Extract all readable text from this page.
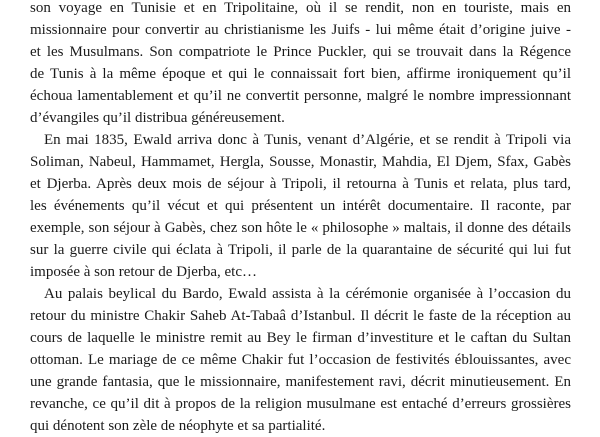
son voyage en Tunisie et en Tripolitaine, où il se rendit, non en touriste, mais en
missionnaire pour convertir au christianisme les Juifs - lui même était d’origine juive -
et les Musulmans. Son compatriote le Prince Puckler, qui se trouvait dans la Régence
de Tunis à la même époque et qui le connaissait fort bien, affirme ironiquement qu’il
échoua lamentablement et qu’il ne convertit personne, malgré le nombre impressionnant
d’évangiles qu’il distribua généreusement.

En mai 1835, Ewald arriva donc à Tunis, venant d’Algérie, et se rendit à Tripoli via
Soliman, Nabeul, Hammamet, Hergla, Sousse, Monastir, Mahdia, El Djem, Sfax, Gabès
et Djerba. Après deux mois de séjour à Tripoli, il retourna à Tunis et relata, plus tard,
les événements qu’il vécut et qui présentent un intérêt documentaire. Il raconte, par
exemple, son séjour à Gabès, chez son hôte le « philosophe » maltais, il donne des détails
sur la guerre civile qui éclata à Tripoli, il parle de la quarantaine de sécurité qui lui fut
imposée à son retour de Djerba, etc…

Au palais beylical du Bardo, Ewald assista à la cérémonie organisée à l’occasion du
retour du ministre Chakir Saheb At-Tabaâ d’Istanbul. Il décrit le faste de la réception au
cours de laquelle le ministre remit au Bey le firman d’investiture et le caftan du Sultan
ottoman. Le mariage de ce même Chakir fut l’occasion de festivités éblouissantes, avec
une grande fantasia, que le missionnaire, manifestement ravi, décrit minutieusement. En
revanche, ce qu’il dit à propos de la religion musulmane est entaché d’erreurs grossières
qui dénotent son zèle de néophyte et sa partialité.
